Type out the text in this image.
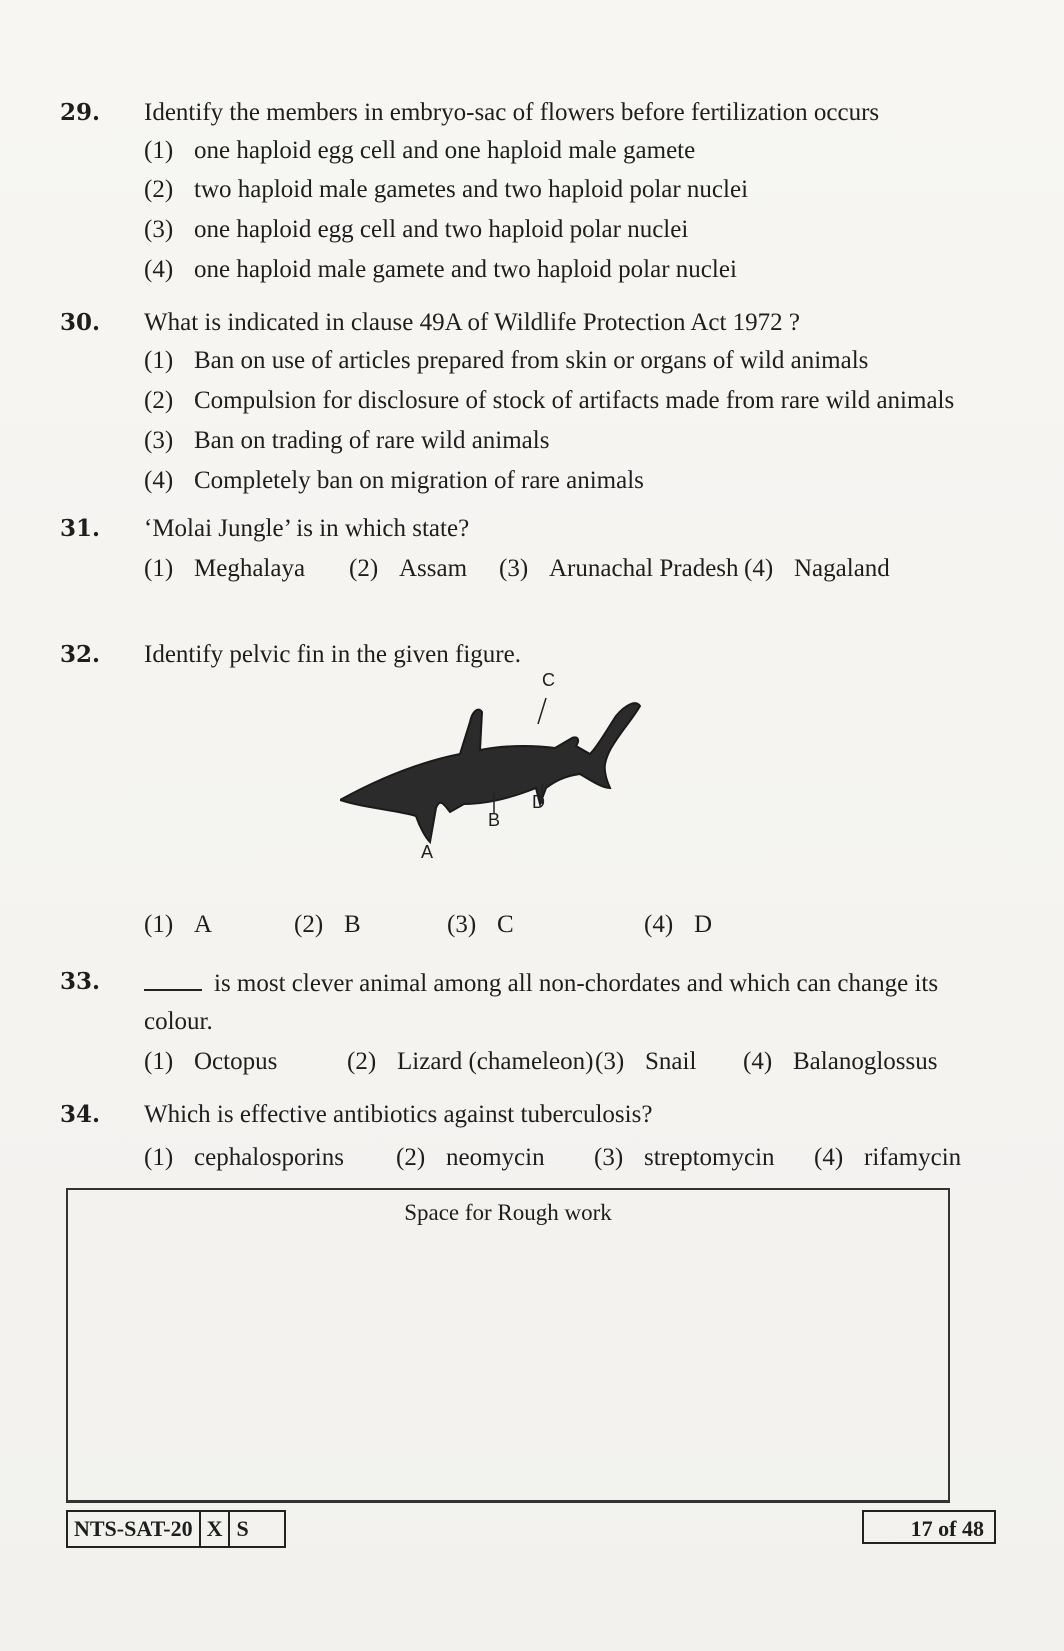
29. Identify the members in embryo-sac of flowers before fertilization occurs
(1) one haploid egg cell and one haploid male gamete
(2) two haploid male gametes and two haploid polar nuclei
(3) one haploid egg cell and two haploid polar nuclei
(4) one haploid male gamete and two haploid polar nuclei
30. What is indicated in clause 49A of Wildlife Protection Act 1972 ?
(1) Ban on use of articles prepared from skin or organs of wild animals
(2) Compulsion for disclosure of stock of artifacts made from rare wild animals
(3) Ban on trading of rare wild animals
(4) Completely ban on migration of rare animals
31. ‘Molai Jungle’ is in which state?
(1) Meghalaya (2) Assam (3) Arunachal Pradesh (4) Nagaland
32. Identify pelvic fin in the given figure.
A
B
C
D
(1) A	(2) B	(3) C	(4) D
33.	is most clever animal among all non-chordates and which can change its
colour.
(1) Octopus	(2) Lizard (chameleon) (3) Snail (4) Balanoglossus
34. Which is effective antibiotics against tuberculosis?
(1) cephalosporins (2) neomycin (3) streptomycin (4) rifamycin
Space for Rough work
NTS-SAT-20 X S	17 of 48
